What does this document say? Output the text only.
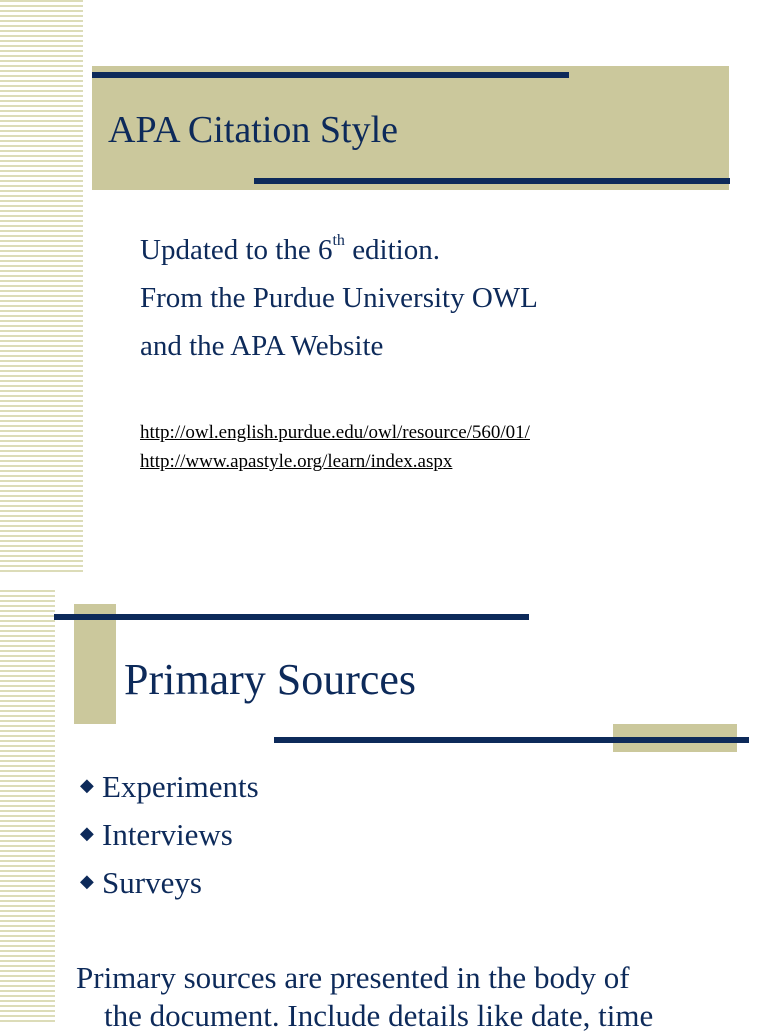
APA Citation Style
Updated to the 6th edition.
From the Purdue University OWL
and the APA Website
http://owl.english.purdue.edu/owl/resource/560/01/
http://www.apastyle.org/learn/index.aspx
Primary Sources
◆ Experiments
◆ Interviews
◆ Surveys
Primary sources are presented in the body of
the document. Include details like date, time
